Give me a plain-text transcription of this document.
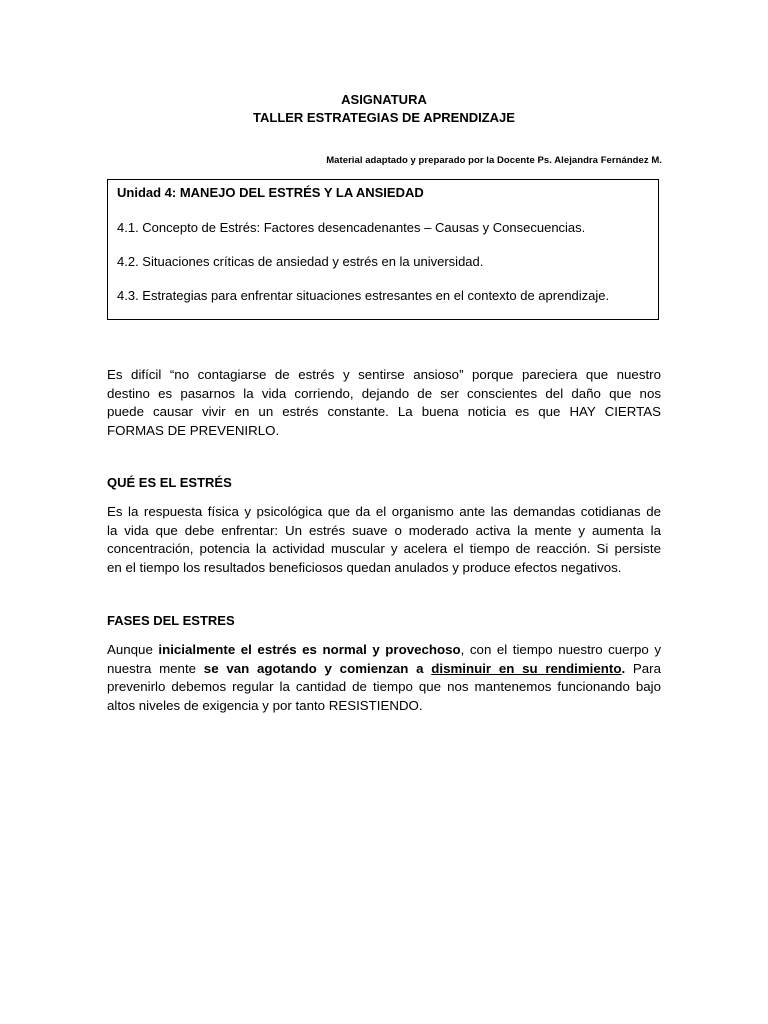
ASIGNATURA
TALLER ESTRATEGIAS DE APRENDIZAJE
Material adaptado y preparado por la Docente Ps. Alejandra Fernández M.
Unidad 4: MANEJO DEL ESTRÉS Y LA ANSIEDAD
4.1. Concepto de Estrés: Factores desencadenantes – Causas y Consecuencias.
4.2. Situaciones críticas de ansiedad y estrés en la universidad.
4.3. Estrategias para enfrentar situaciones estresantes en el contexto de aprendizaje.
Es difícil “no contagiarse de estrés y sentirse ansioso” porque pareciera que nuestro
destino es pasarnos la vida corriendo, dejando de ser conscientes del daño que nos
puede causar vivir en un estrés constante. La buena noticia es que HAY CIERTAS
FORMAS DE PREVENIRLO.
QUÉ ES EL ESTRÉS
Es la respuesta física y psicológica que da el organismo ante las demandas cotidianas de
la vida que debe enfrentar: Un estrés suave o moderado activa la mente y aumenta la
concentración, potencia la actividad muscular y acelera el tiempo de reacción. Si persiste
en el tiempo los resultados beneficiosos quedan anulados y produce efectos negativos.
FASES DEL ESTRES
Aunque inicialmente el estrés es normal y provechoso, con el tiempo nuestro cuerpo y
nuestra mente se van agotando y comienzan a disminuir en su rendimiento. Para
prevenirlo debemos regular la cantidad de tiempo que nos mantenemos funcionando bajo
altos niveles de exigencia y por tanto RESISTIENDO.
